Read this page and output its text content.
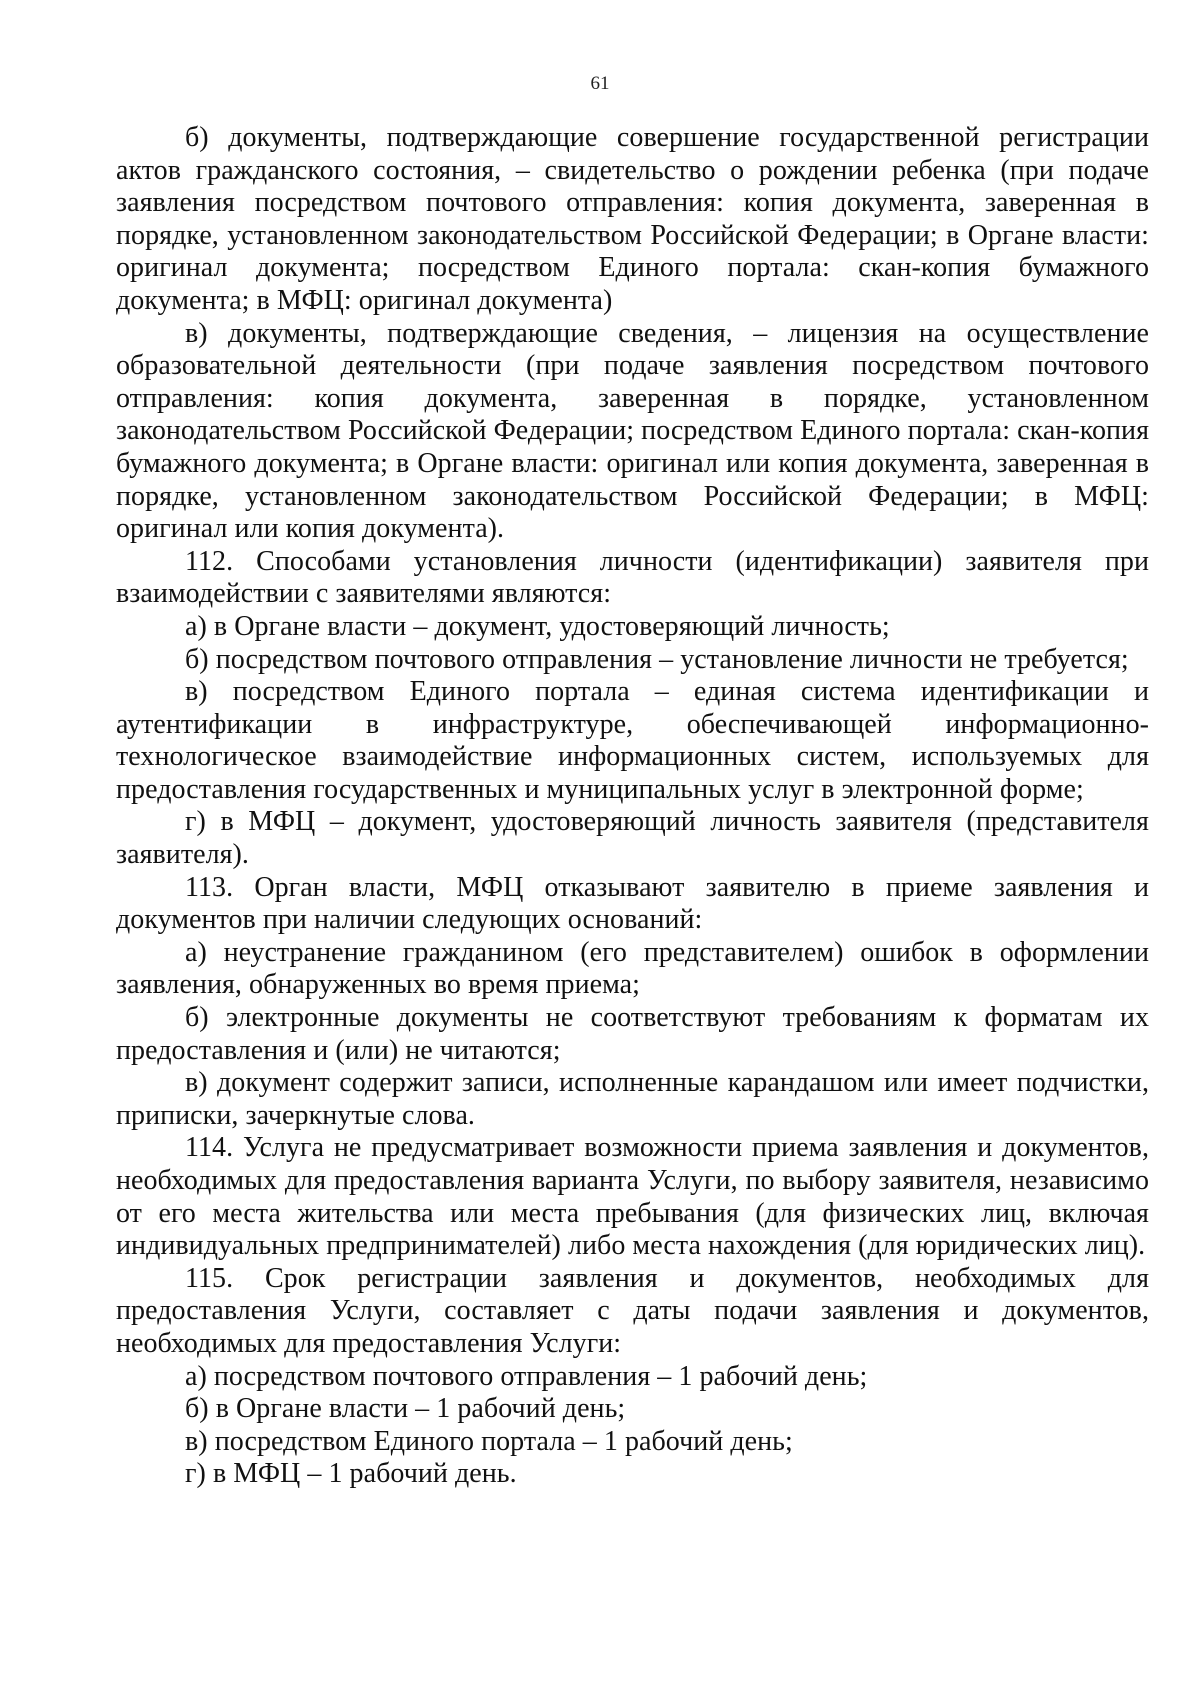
61

б) документы, подтверждающие совершение государственной регистрации актов гражданского состояния, – свидетельство о рождении ребенка (при подаче заявления посредством почтового отправления: копия документа, заверенная в порядке, установленном законодательством Российской Федерации; в Органе власти: оригинал документа; посредством Единого портала: скан-копия бумажного документа; в МФЦ: оригинал документа)

в) документы, подтверждающие сведения, – лицензия на осуществление образовательной деятельности (при подаче заявления посредством почтового отправления: копия документа, заверенная в порядке, установленном законодательством Российской Федерации; посредством Единого портала: скан-копия бумажного документа; в Органе власти: оригинал или копия документа, заверенная в порядке, установленном законодательством Российской Федерации; в МФЦ: оригинал или копия документа).

112. Способами установления личности (идентификации) заявителя при взаимодействии с заявителями являются:

а) в Органе власти – документ, удостоверяющий личность;

б) посредством почтового отправления – установление личности не требуется;

в) посредством Единого портала – единая система идентификации и аутентификации в инфраструктуре, обеспечивающей информационно-технологическое взаимодействие информационных систем, используемых для предоставления государственных и муниципальных услуг в электронной форме;

г) в МФЦ – документ, удостоверяющий личность заявителя (представителя заявителя).

113. Орган власти, МФЦ отказывают заявителю в приеме заявления и документов при наличии следующих оснований:

а) неустранение гражданином (его представителем) ошибок в оформлении заявления, обнаруженных во время приема;

б) электронные документы не соответствуют требованиям к форматам их предоставления и (или) не читаются;

в) документ содержит записи, исполненные карандашом или имеет подчистки, приписки, зачеркнутые слова.

114. Услуга не предусматривает возможности приема заявления и документов, необходимых для предоставления варианта Услуги, по выбору заявителя, независимо от его места жительства или места пребывания (для физических лиц, включая индивидуальных предпринимателей) либо места нахождения (для юридических лиц).

115. Срок регистрации заявления и документов, необходимых для предоставления Услуги, составляет с даты подачи заявления и документов, необходимых для предоставления Услуги:

а) посредством почтового отправления – 1 рабочий день;

б) в Органе власти – 1 рабочий день;

в) посредством Единого портала – 1 рабочий день;

г) в МФЦ – 1 рабочий день.
